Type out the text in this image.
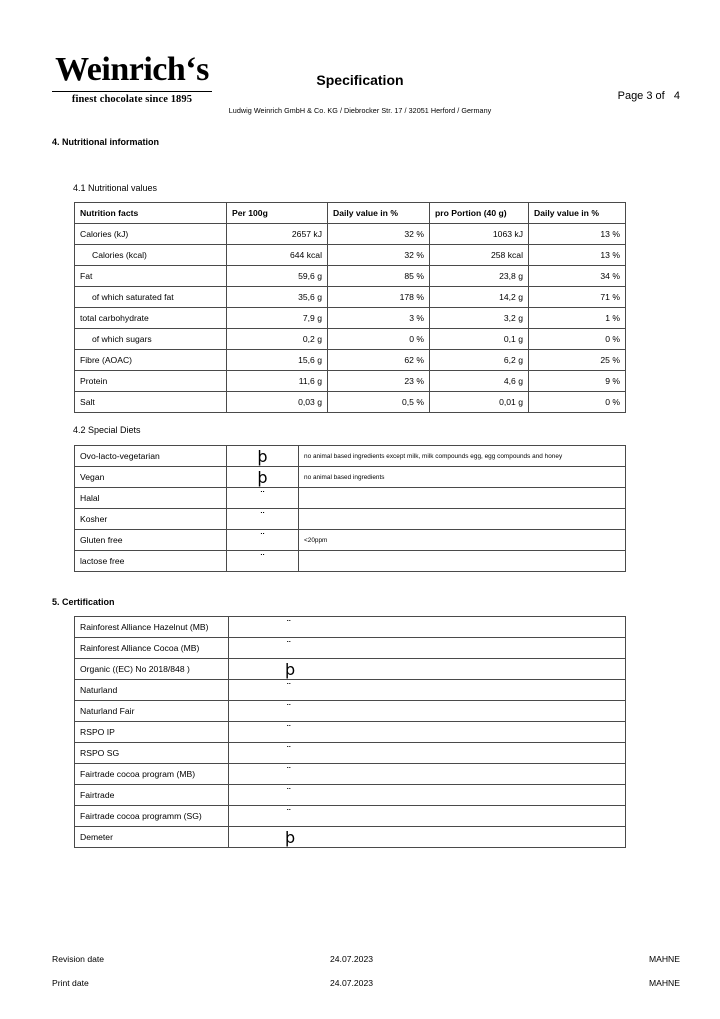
Weinrichʻs
finest chocolate since 1895
Specification
Ludwig Weinrich GmbH & Co. KG / Diebrocker Str. 17 / 32051 Herford / Germany
Page 3 of   4
4. Nutritional information
4.1 Nutritional values
Nutrition facts	Per 100g	Daily value in %	pro Portion (40 g)	Daily value in %
Calories (kJ)	2657 kJ	32 %	1063 kJ	13 %
Calories (kcal)	644 kcal	32 %	258 kcal	13 %
Fat	59,6 g	85 %	23,8 g	34 %
of which saturated fat	35,6 g	178 %	14,2 g	71 %
total carbohydrate	7,9 g	3 %	3,2 g	1 %
of which sugars	0,2 g	0 %	0,1 g	0 %
Fibre (AOAC)	15,6 g	62 %	6,2 g	25 %
Protein	11,6 g	23 %	4,6 g	9 %
Salt	0,03 g	0,5 %	0,01 g	0 %
4.2 Special Diets
Ovo-lacto-vegetarian	þ	no animal based ingredients except milk, milk compounds egg, egg compounds and honey
Vegan	þ	no animal based ingredients
Halal	¨	
Kosher	¨	
Gluten free	¨	<20ppm
lactose free	¨	
5. Certification
Rainforest Alliance Hazelnut (MB)	¨
Rainforest Alliance Cocoa (MB)	¨
Organic ((EC) No 2018/848 )	þ
Naturland	¨
Naturland Fair	¨
RSPO IP	¨
RSPO SG	¨
Fairtrade cocoa program (MB)	¨
Fairtrade	¨
Fairtrade cocoa programm (SG)	¨
Demeter	þ
Revision date	24.07.2023	MAHNE
Print date	24.07.2023	MAHNE
